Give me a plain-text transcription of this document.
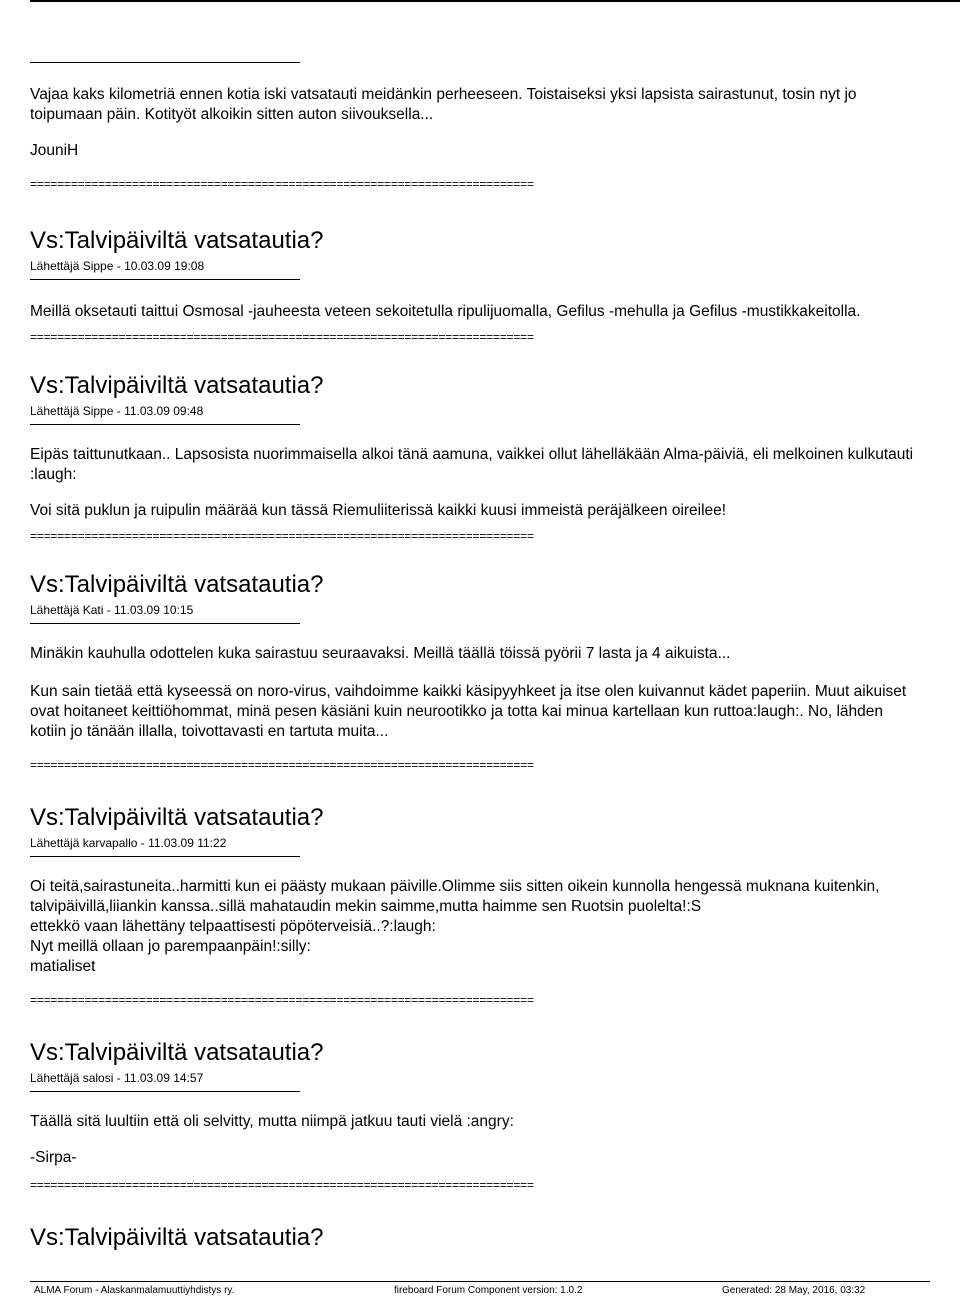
Vajaa kaks kilometriä ennen kotia iski vatsatauti meidänkin perheeseen. Toistaiseksi yksi lapsista sairastunut, tosin nyt jo

toipumaan päin. Kotityöt alkoikin sitten auton siivouksella...

JouniH

==========================================================================

Vs:Talvipäiviltä vatsatautia?

Lähettäjä Sippe - 10.03.09 19:08

Meillä oksetauti taittui Osmosal -jauheesta veteen sekoitetulla ripulijuomalla, Gefilus -mehulla ja Gefilus -mustikkakeitolla.

==========================================================================

Vs:Talvipäiviltä vatsatautia?

Lähettäjä Sippe - 11.03.09 09:48

Eipäs taittunutkaan.. Lapsosista nuorimmaisella alkoi tänä aamuna, vaikkei ollut lähelläkään Alma-päiviä, eli melkoinen kulkutauti

:laugh:

Voi sitä puklun ja ruipulin määrää kun tässä Riemuliiterissä kaikki kuusi immeistä peräjälkeen oireilee!

==========================================================================

Vs:Talvipäiviltä vatsatautia?

Lähettäjä Kati - 11.03.09 10:15

Minäkin kauhulla odottelen kuka sairastuu seuraavaksi. Meillä täällä töissä pyörii 7 lasta ja 4 aikuista...

Kun sain tietää että kyseessä on noro-virus, vaihdoimme kaikki käsipyyhkeet ja itse olen kuivannut kädet paperiin. Muut aikuiset

ovat hoitaneet keittiöhommat, minä pesen käsiäni kuin neurootikko ja totta kai minua kartellaan kun ruttoa:laugh:. No, lähden

kotiin jo tänään illalla, toivottavasti en tartuta muita...

==========================================================================

Vs:Talvipäiviltä vatsatautia?

Lähettäjä karvapallo - 11.03.09 11:22

Oi teitä,sairastuneita..harmitti kun ei päästy mukaan päiville.Olimme siis sitten oikein kunnolla hengessä muknana kuitenkin,

talvipäivillä,liiankin kanssa..sillä mahataudin mekin saimme,mutta haimme sen Ruotsin puolelta!:S

ettekkö vaan lähettäny telpaattisesti pöpöterveisiä..?:laugh:

Nyt meillä ollaan jo parempaanpäin!:silly:

matialiset

==========================================================================

Vs:Talvipäiviltä vatsatautia?

Lähettäjä salosi - 11.03.09 14:57

Täällä sitä luultiin että oli selvitty, mutta niimpä jatkuu tauti vielä :angry:

-Sirpa-

==========================================================================

Vs:Talvipäiviltä vatsatautia?
ALMA Forum - Alaskanmalamuuttiyhdistys ry.	fireboard Forum Component version: 1.0.2	Generated: 28 May, 2016, 03:32
